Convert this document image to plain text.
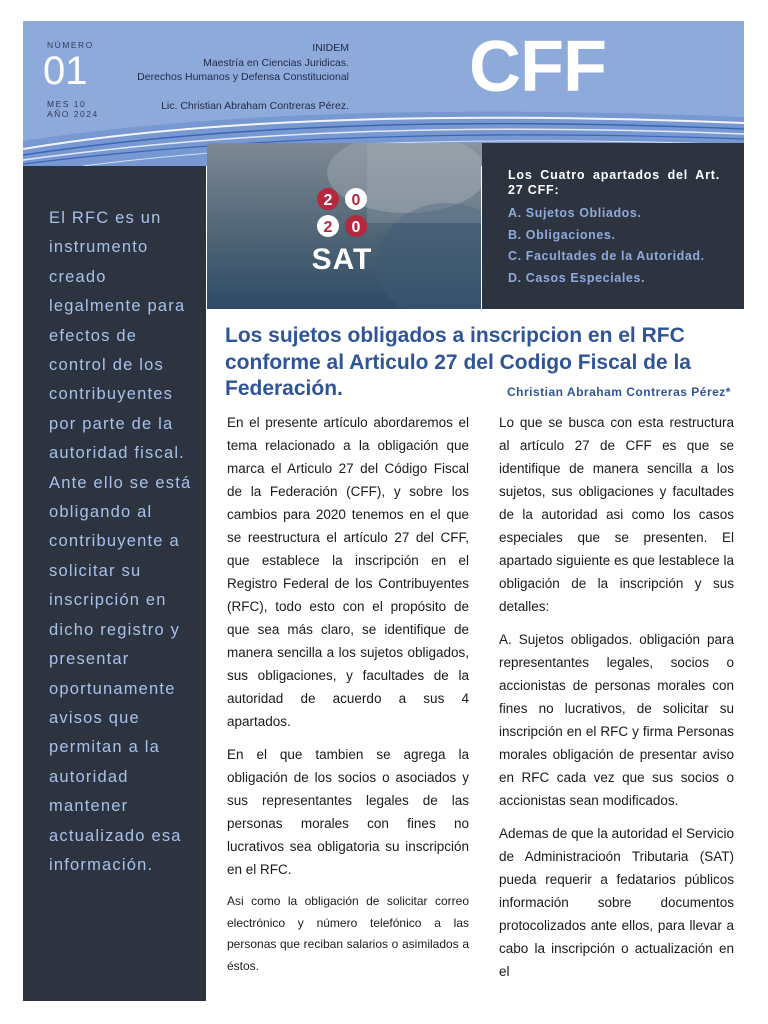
NÚMERO
01
MES 10
AÑO 2024
INIDEM
Maestría en Ciencias Juridicas.
Derechos Humanos y Defensa Constitucional
Lic. Christian Abraham Contreras Pérez. CFF
El RFC es un instrumento creado legalmente para efectos de control de los contribuyentes por parte de la autoridad fiscal. Ante ello se está obligando al contribuyente a solicitar su inscripción en dicho registro y presentar oportunamente avisos que permitan a la autoridad mantener actualizado esa información.
2 0
2 0
SAT
Los Cuatro apartados del Art. 27 CFF:
A. Sujetos Obliados.
B. Obligaciones.
C. Facultades de la Autoridad.
D. Casos Especiales.
Los sujetos obligados a inscripcion en el RFC conforme al Articulo 27 del Codigo Fiscal de la Federación.	Christian Abraham Contreras Pérez*

En el presente artículo abordaremos el tema relacionado a la obligación que marca el Articulo 27 del Código Fiscal de la Federación (CFF), y sobre los cambios para 2020 tenemos en el que se reestructura el artículo 27 del CFF, que establece la inscripción en el Registro Federal de los Contribuyentes (RFC), todo esto con el propósito de que sea más claro, se identifique de manera sencilla a los sujetos obligados, sus obligaciones, y facultades de la autoridad de acuerdo a sus 4 apartados.

En el que tambien se agrega la obligación de los socios o asociados y sus representantes legales de las personas morales con fines no lucrativos sea obligatoria su inscripción en el RFC.

Asi como la obligación de solicitar correo electrónico y número telefónico a las personas que reciban salarios o asimilados a éstos.

Lo que se busca con esta restructura al artículo 27 de CFF es que se identifique de manera sencilla a los sujetos, sus obligaciones y facultades de la autoridad asi como los casos especiales que se presenten. El apartado siguiente es que lestablece la obligación de la inscripción y sus detalles:

A. Sujetos obligados. obligación para representantes legales, socios o accionistas de personas morales con fines no lucrativos, de solicitar su inscripción en el RFC y firma Personas morales obligación de presentar aviso en RFC cada vez que sus socios o accionistas sean modificados.

Ademas de que la autoridad el Servicio de Administracioón Tributaria (SAT) pueda requerir a fedatarios públicos información sobre documentos protocolizados ante ellos, para llevar a cabo la inscripción o actualización en el
